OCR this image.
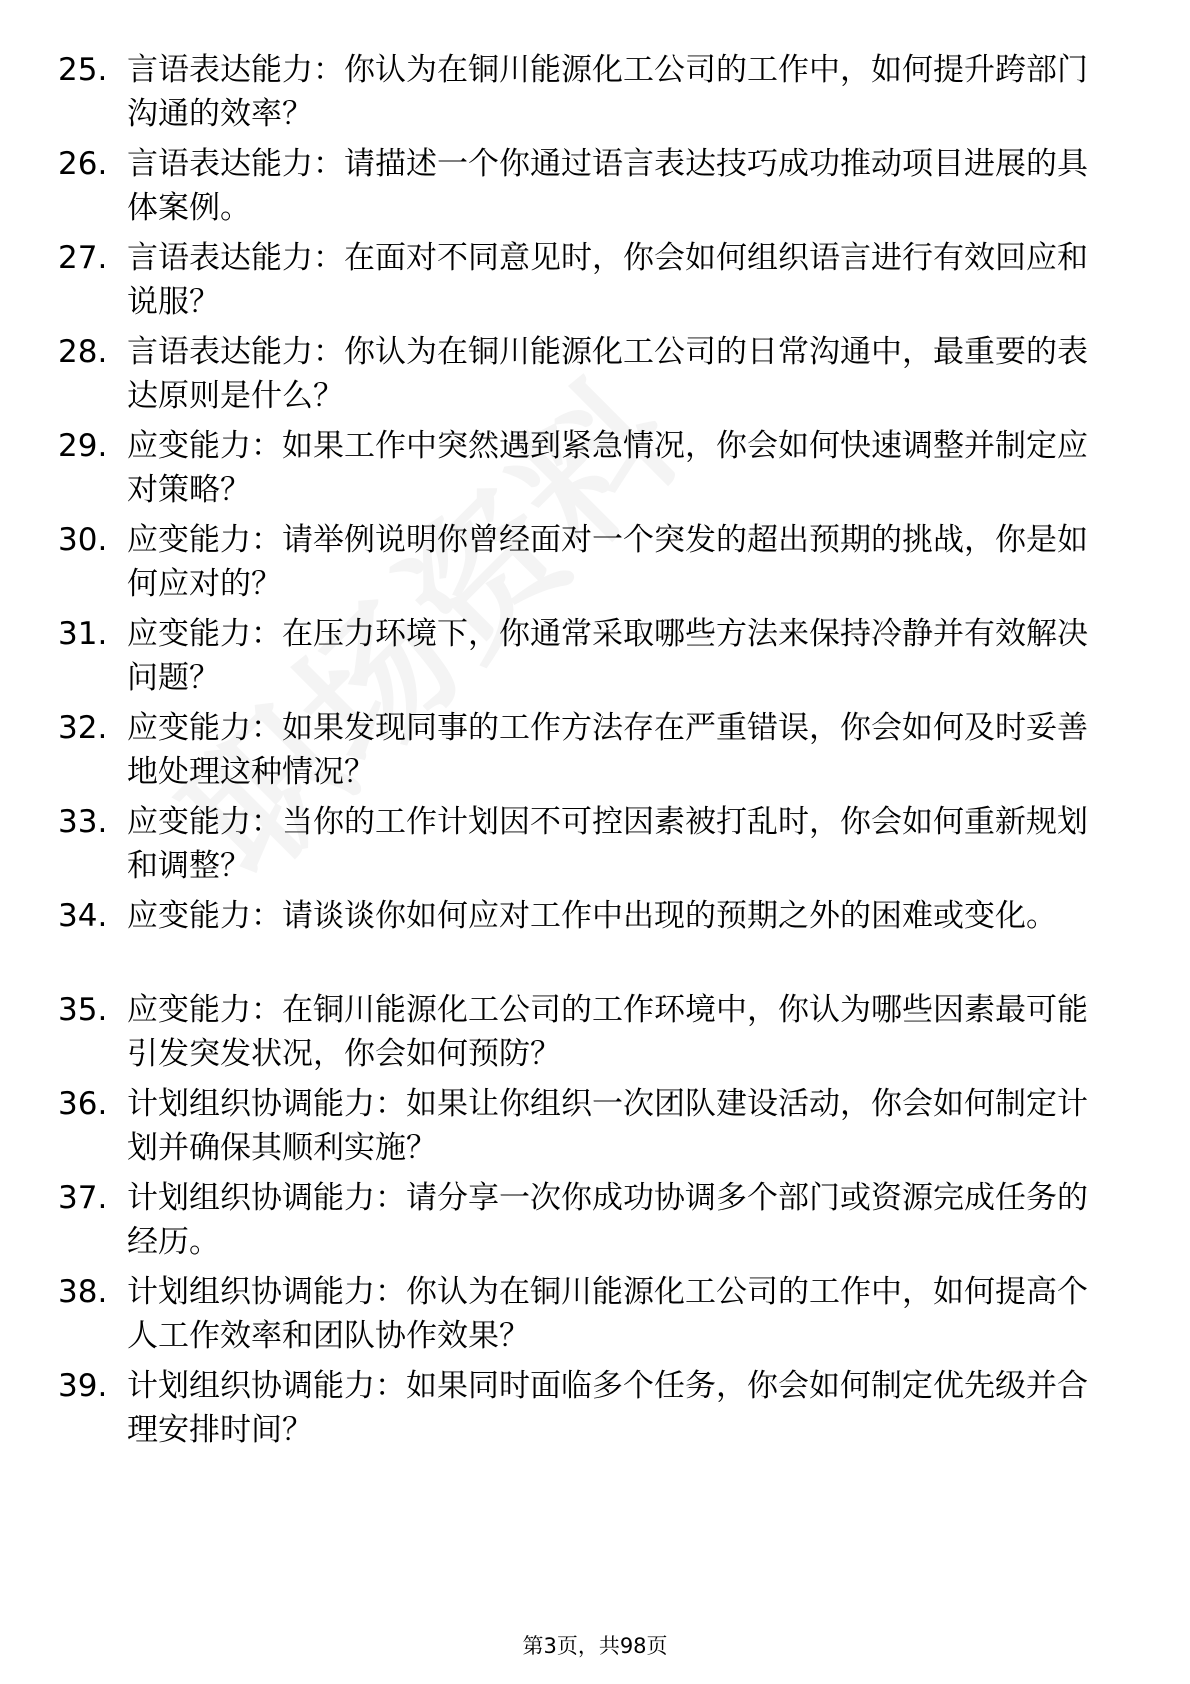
25. 言语表达能力：你认为在铜川能源化工公司的工作中，如何提升跨部门沟通的效率？
26. 言语表达能力：请描述一个你通过语言表达技巧成功推动项目进展的具体案例。
27. 言语表达能力：在面对不同意见时，你会如何组织语言进行有效回应和说服？
28. 言语表达能力：你认为在铜川能源化工公司的日常沟通中，最重要的表达原则是什么？
29. 应变能力：如果工作中突然遇到紧急情况，你会如何快速调整并制定应对策略？
30. 应变能力：请举例说明你曾经面对一个突发的超出预期的挑战，你是如何应对的？
31. 应变能力：在压力环境下，你通常采取哪些方法来保持冷静并有效解决问题？
32. 应变能力：如果发现同事的工作方法存在严重错误，你会如何及时妥善地处理这种情况？
33. 应变能力：当你的工作计划因不可控因素被打乱时，你会如何重新规划和调整？
34. 应变能力：请谈谈你如何应对工作中出现的预期之外的困难或变化。
35. 应变能力：在铜川能源化工公司的工作环境中，你认为哪些因素最可能引发突发状况，你会如何预防？
36. 计划组织协调能力：如果让你组织一次团队建设活动，你会如何制定计划并确保其顺利实施？
37. 计划组织协调能力：请分享一次你成功协调多个部门或资源完成任务的经历。
38. 计划组织协调能力：你认为在铜川能源化工公司的工作中，如何提高个人工作效率和团队协作效果？
39. 计划组织协调能力：如果同时面临多个任务，你会如何制定优先级并合理安排时间？
第3页，共98页
